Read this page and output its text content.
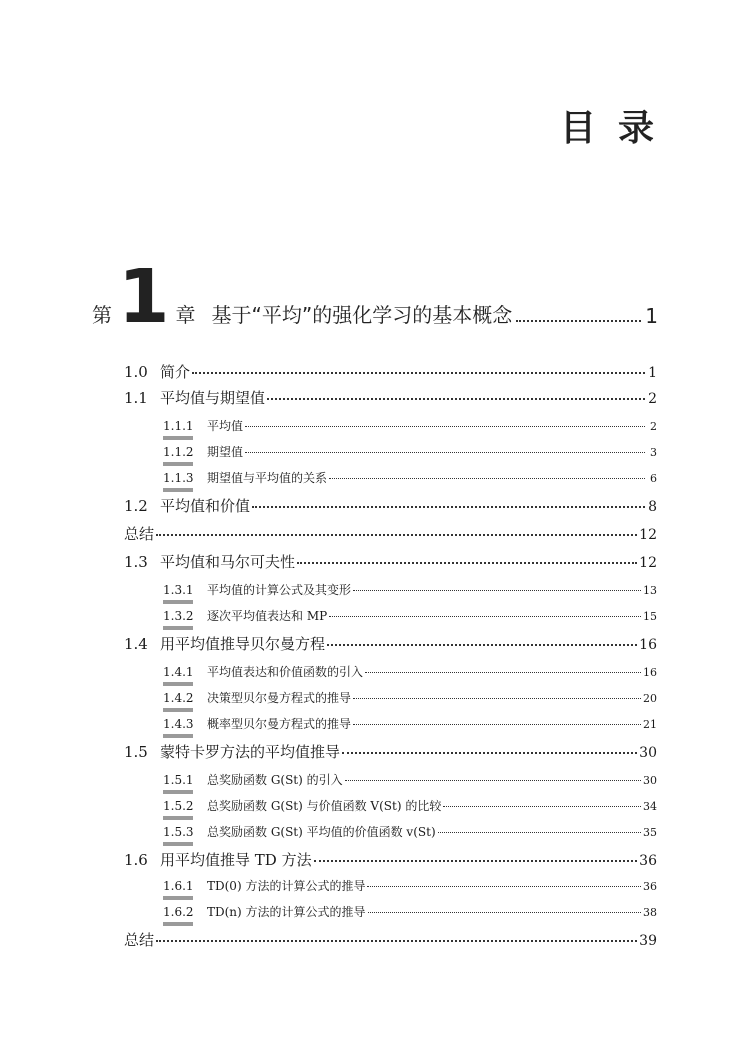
目录
第 1 章 基于“平均”的强化学习的基本概念	1
1.0 简介	1
1.1 平均值与期望值	2
1.1.1	平均值	2
1.1.2	期望值	3
1.1.3	期望值与平均值的关系	6
1.2 平均值和价值	8
总结	12
1.3 平均值和马尔可夫性	12
1.3.1	平均值的计算公式及其变形	13
1.3.2	逐次平均值表达和 MP	15
1.4 用平均值推导贝尔曼方程	16
1.4.1	平均值表达和价值函数的引入	16
1.4.2	决策型贝尔曼方程式的推导	20
1.4.3	概率型贝尔曼方程式的推导	21
1.5 蒙特卡罗方法的平均值推导	30
1.5.1	总奖励函数 G(St) 的引入	30
1.5.2	总奖励函数 G(St) 与价值函数 V(St) 的比较	34
1.5.3	总奖励函数 G(St) 平均值的价值函数 v(St)	35
1.6 用平均值推导 TD 方法	36
1.6.1	TD(0) 方法的计算公式的推导	36
1.6.2	TD(n) 方法的计算公式的推导	38
总结	39
